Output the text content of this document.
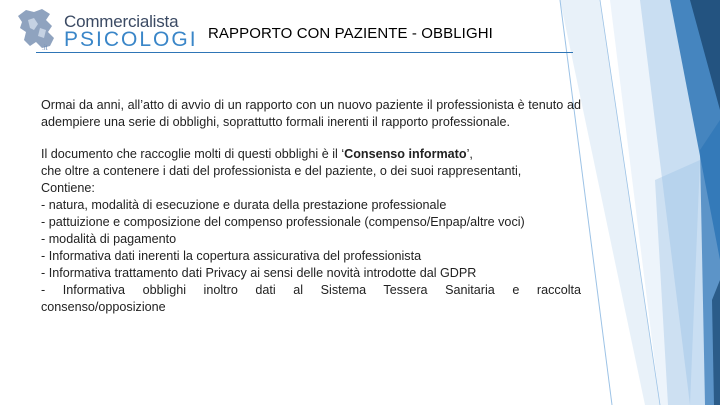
.it
Commercialista
PSICOLOGI RAPPORTO CON PAZIENTE - OBBLIGHI

Ormai da anni, all’atto di avvio di un rapporto con un nuovo paziente il professionista è tenuto ad adempiere una serie di obblighi, soprattutto formali inerenti il rapporto professionale.

Il documento che raccoglie molti di questi obblighi è il ‘Consenso informato’,
che oltre a contenere i dati del professionista e del paziente, o dei suoi rappresentanti,
Contiene:
- natura, modalità di esecuzione e durata della prestazione professionale
- pattuizione e composizione del compenso professionale (compenso/Enpap/altre voci)
- modalità di pagamento
- Informativa dati inerenti la copertura assicurativa del professionista
- Informativa trattamento dati Privacy ai sensi delle novità introdotte dal GDPR
- Informativa obblighi inoltro dati al Sistema Tessera Sanitaria e raccolta
consenso/opposizione
